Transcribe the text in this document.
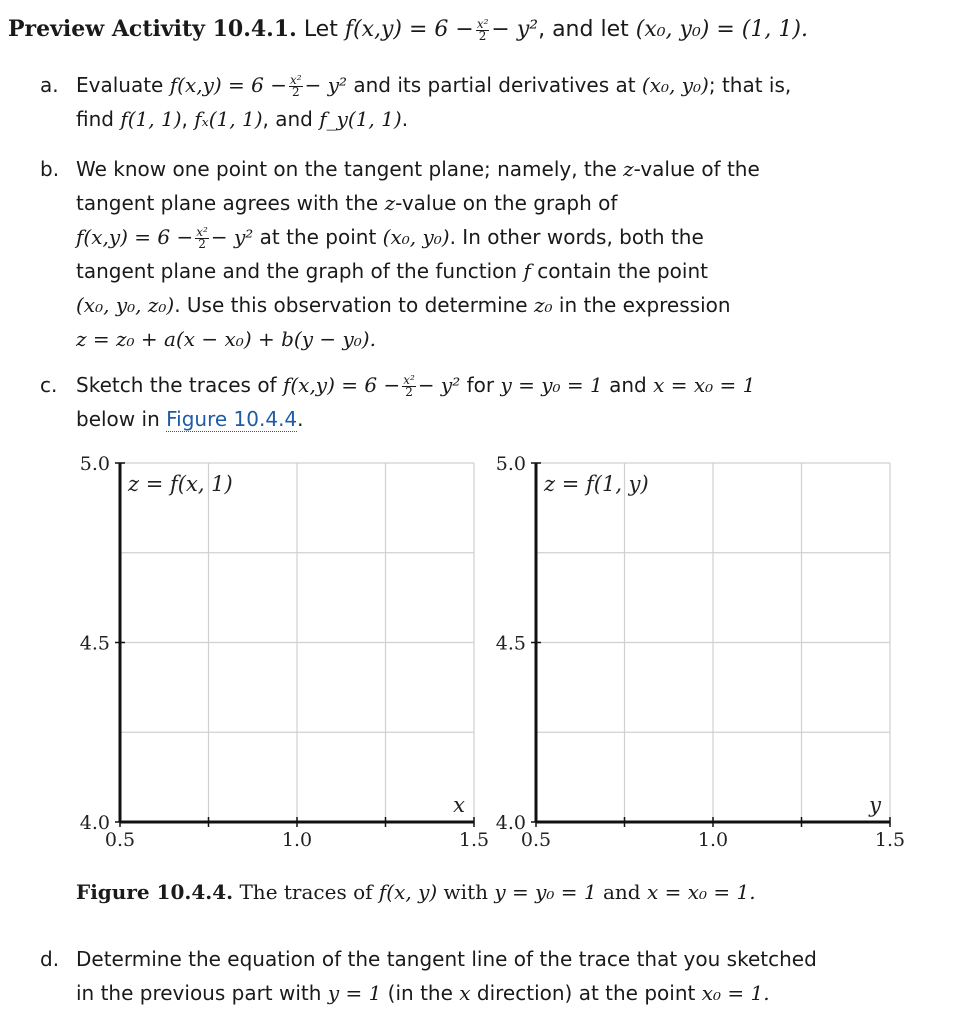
Preview Activity 10.4.1. Let $f(x,y) = 6 - \frac{\text{x²}}{2} - y^2$, and let (x₀, y₀) = (1, 1).
a. Evaluate $f(x,y) = 6 - \frac{\text{x²}}{2} - y^2$ and its partial derivatives at (x₀, y₀); that is,
find f(1, 1), fₓ(1, 1), and f_y(1, 1).
b. We know one point on the tangent plane; namely, the z-value of the
tangent plane agrees with the z-value on the graph of
$f(x,y) = 6 - \frac{\text{x²}}{2} - y^2$ at the point (x₀, y₀). In other words, both the
tangent plane and the graph of the function f contain the point
(x₀, y₀, z₀). Use this observation to determine z₀ in the expression
z = z₀ + a(x − x₀) + b(y − y₀).
c. Sketch the traces of $f(x,y) = 6 - \frac{\text{x²}}{2} - y^2$ for y = y₀ = 1 and x = x₀ = 1
below in Figure 10.4.4.
0.5	1.0	1.5
4.0
4.5
5.0
z = f(x, 1)
x
0.5	1.0	1.5
4.0
4.5
5.0
z = f(1, y)
y
Figure 10.4.4. The traces of f(x, y) with y = y₀ = 1 and x = x₀ = 1.
d. Determine the equation of the tangent line of the trace that you sketched
in the previous part with y = 1 (in the x direction) at the point x₀ = 1.
